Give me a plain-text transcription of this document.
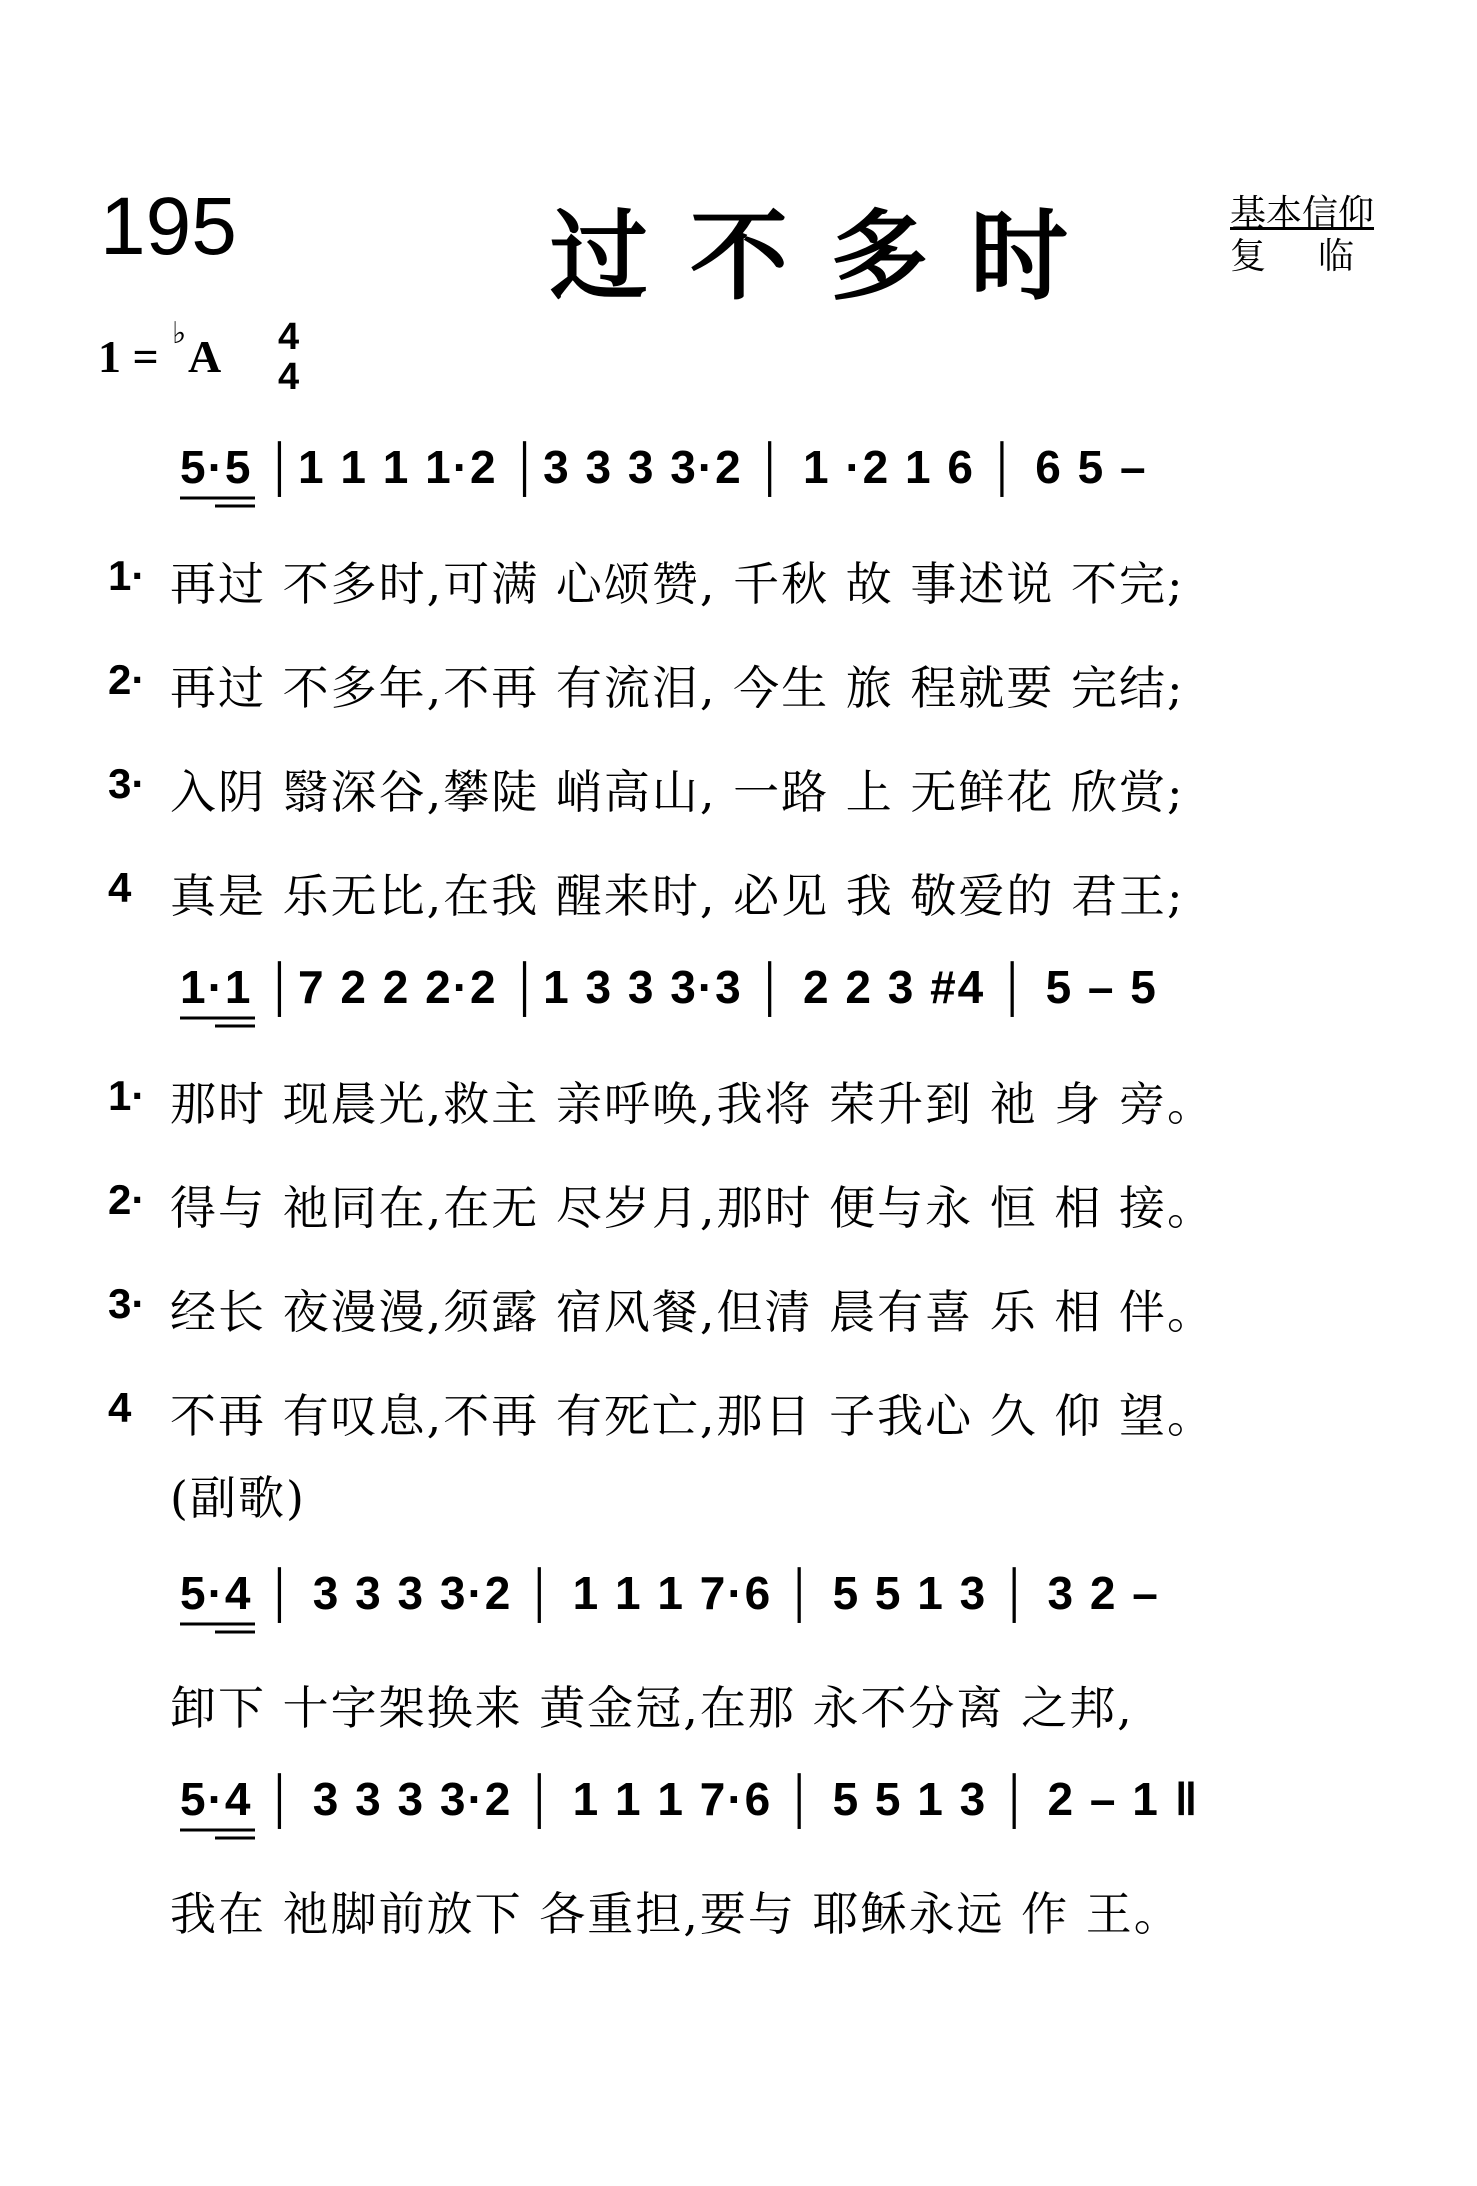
195	过不多时	基本信仰
复临
1 = ♭ A 4
4
5·5 │1 1 1 1·2 │3 3 3 3·2 │ 1 ·2 1 6 │ 6 5 –
1· 再过 不多时,可满 心颂赞, 千秋 故 事述说 不完;
2· 再过 不多年,不再 有流泪, 今生 旅 程就要 完结;
3· 入阴 翳深谷,攀陡 峭高山, 一路 上 无鲜花 欣赏;
4 真是 乐无比,在我 醒来时, 必见 我 敬爱的 君王;
1·1 │7 2 2 2·2 │1 3 3 3·3 │ 2 2 3 #4 │ 5 – 5
1· 那时 现晨光,救主 亲呼唤,我将 荣升到 祂 身 旁。
2· 得与 祂同在,在无 尽岁月,那时 便与永 恒 相 接。
3· 经长 夜漫漫,须露 宿风餐,但清 晨有喜 乐 相 伴。
4 不再 有叹息,不再 有死亡,那日 子我心 久 仰 望。
(副歌)
5·4 │ 3 3 3 3·2 │ 1 1 1 7·6 │ 5 5 1 3 │ 3 2 –
卸下 十字架换来 黄金冠,在那 永不分离 之邦,
5·4 │ 3 3 3 3·2 │ 1 1 1 7·6 │ 5 5 1 3 │ 2 – 1 ‖
我在 祂脚前放下 各重担,要与 耶稣永远 作 王。
